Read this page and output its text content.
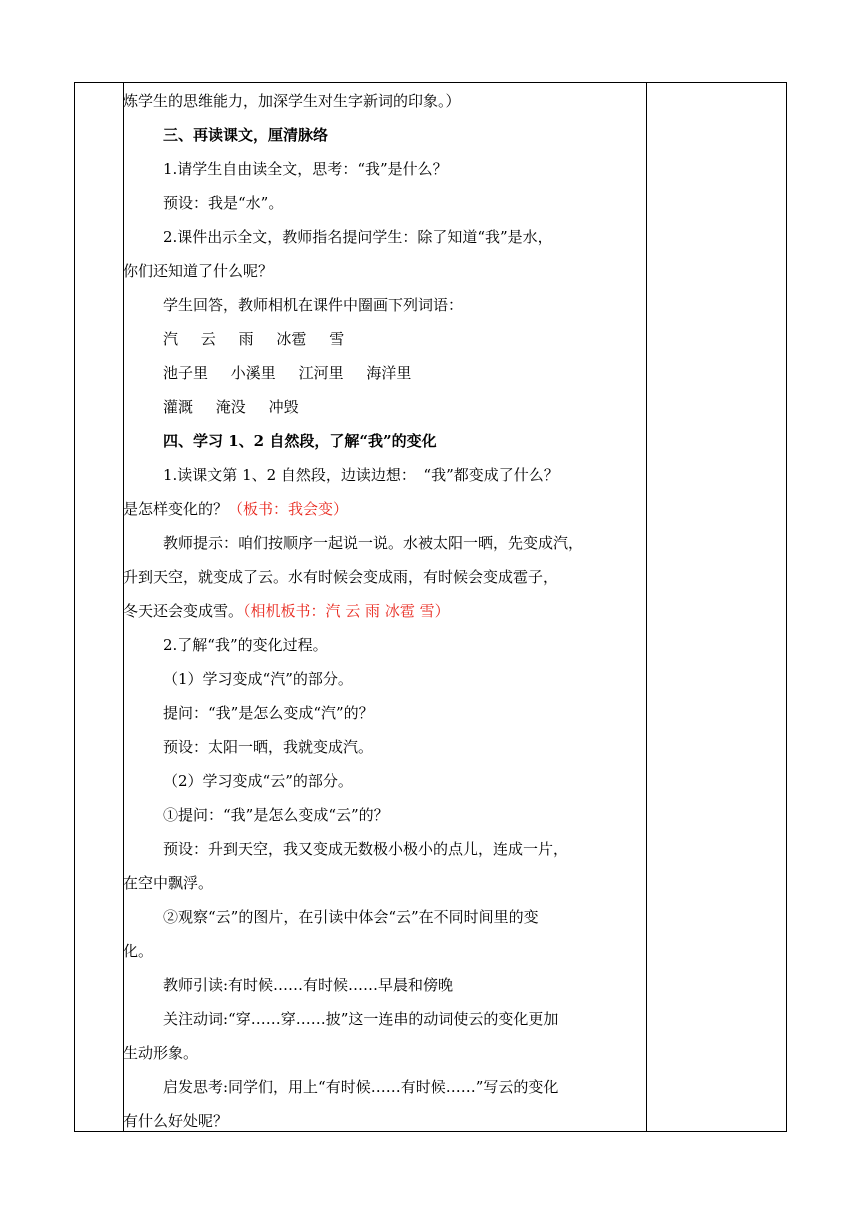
炼学生的思维能力，加深学生对生字新词的印象。）
三、再读课文，厘清脉络
1.请学生自由读全文，思考：“我”是什么？
预设：我是“水”。
2.课件出示全文，教师指名提问学生：除了知道“我”是水，
你们还知道了什么呢？
学生回答，教师相机在课件中圈画下列词语：
汽 云 雨 冰雹 雪
池子里 小溪里 江河里 海洋里
灌溉 淹没 冲毁
四、学习 1、2 自然段，了解“我”的变化
1.读课文第 1、2 自然段，边读边想：　“我”都变成了什么？
是怎样变化的？（板书：我会变）
教师提示：咱们按顺序一起说一说。水被太阳一晒，先变成汽，
升到天空，就变成了云。水有时候会变成雨，有时候会变成雹子，
冬天还会变成雪。（相机板书：汽 云 雨 冰雹 雪）
2.了解“我”的变化过程。
（1）学习变成“汽”的部分。
提问：“我”是怎么变成“汽”的？
预设：太阳一晒，我就变成汽。
（2）学习变成“云”的部分。
①提问：“我”是怎么变成“云”的？
预设：升到天空，我又变成无数极小极小的点儿，连成一片，
在空中飘浮。
②观察“云”的图片，在引读中体会“云”在不同时间里的变
化。
教师引读:有时候……有时候……早晨和傍晚
关注动词:“穿……穿……披”这一连串的动词使云的变化更加
生动形象。
启发思考:同学们，用上“有时候……有时候……”写云的变化
有什么好处呢？
